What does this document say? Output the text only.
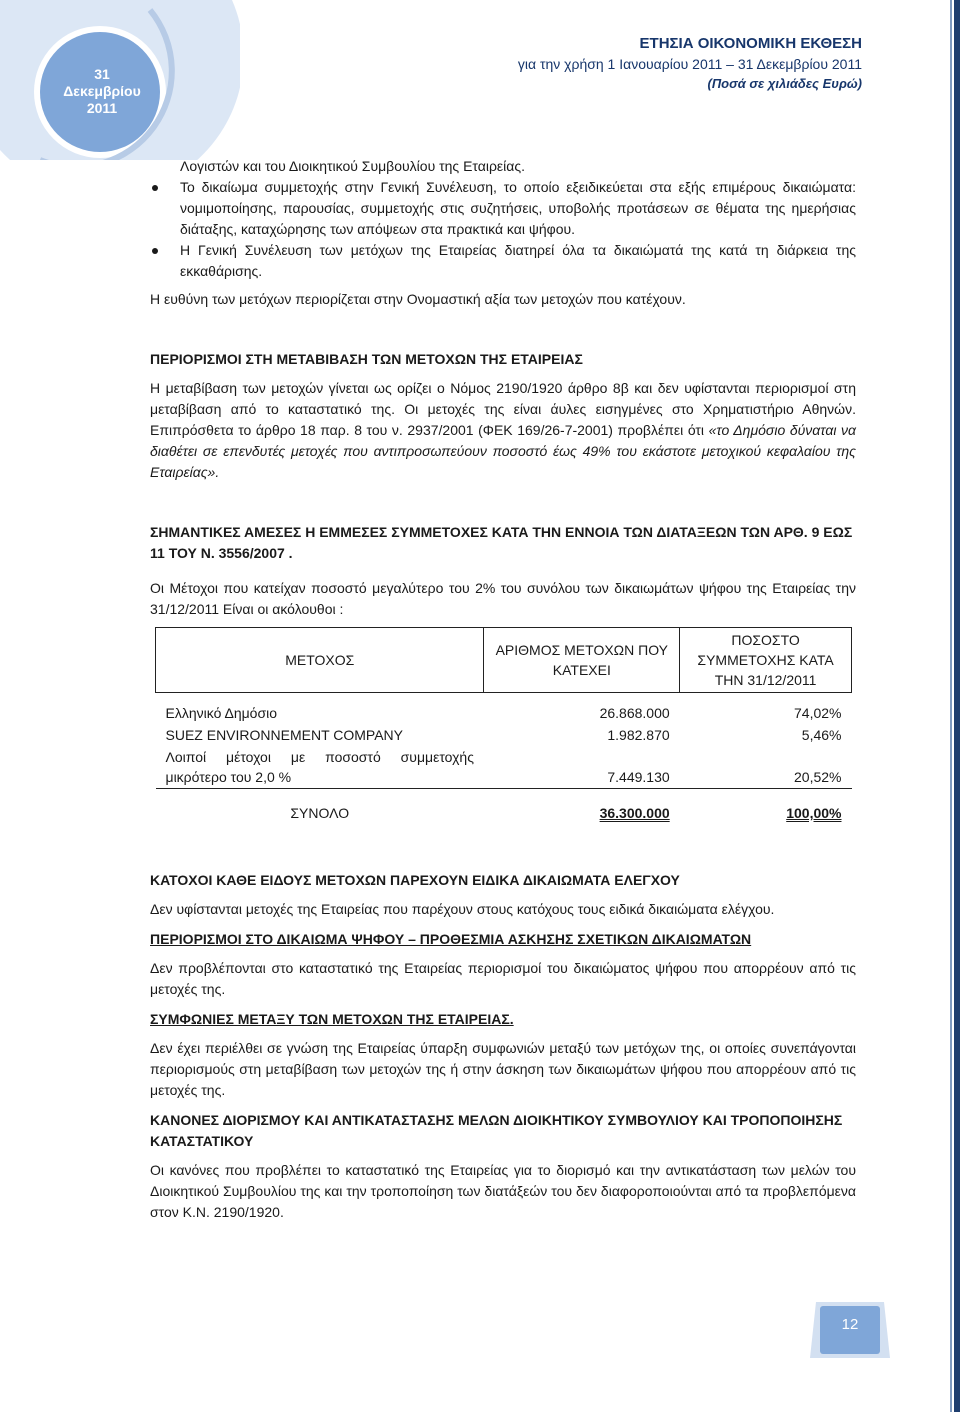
31
Δεκεμβρίου
2011
ΕΤΗΣΙΑ ΟΙΚΟΝΟΜΙΚΗ ΕΚΘΕΣΗ
για την χρήση 1 Ιανουαρίου 2011 – 31 Δεκεμβρίου 2011
(Ποσά σε χιλιάδες Ευρώ)

Λογιστών και του Διοικητικού Συμβουλίου της Εταιρείας.

Το δικαίωμα συμμετοχής στην Γενική Συνέλευση, το οποίο εξειδικεύεται στα εξής επιμέρους δικαιώματα: νομιμοποίησης, παρουσίας, συμμετοχής στις συζητήσεις, υποβολής προτάσεων σε θέματα της ημερήσιας διάταξης, καταχώρησης των απόψεων στα πρακτικά και ψήφου.
Η Γενική Συνέλευση των μετόχων της Εταιρείας διατηρεί όλα τα δικαιώματά της κατά τη διάρκεια της εκκαθάρισης.

Η ευθύνη των μετόχων περιορίζεται στην Ονομαστική αξία των μετοχών που κατέχουν.

ΠΕΡΙΟΡΙΣΜΟΙ ΣΤΗ ΜΕΤΑΒΙΒΑΣΗ ΤΩΝ ΜΕΤΟΧΩΝ ΤΗΣ ΕΤΑΙΡΕΙΑΣ

Η μεταβίβαση των μετοχών γίνεται ως ορίζει ο Νόμος 2190/1920 άρθρο 8β και δεν υφίστανται περιορισμοί στη μεταβίβαση από το καταστατικό της. Οι μετοχές της είναι άυλες εισηγμένες στο Χρηματιστήριο Αθηνών. Επιπρόσθετα το άρθρο 18 παρ. 8 του ν. 2937/2001 (ΦΕΚ 169/26-7-2001) προβλέπει ότι «το Δημόσιο δύναται να διαθέτει σε επενδυτές μετοχές που αντιπροσωπεύουν ποσοστό έως 49% του εκάστοτε μετοχικού κεφαλαίου της Εταιρείας».

ΣΗΜΑΝΤΙΚΕΣ ΑΜΕΣΕΣ Η ΕΜΜΕΣΕΣ ΣΥΜΜΕΤΟΧΕΣ ΚΑΤΑ ΤΗΝ ΕΝΝΟΙΑ ΤΩΝ ΔΙΑΤΑΞΕΩΝ ΤΩΝ ΑΡΘ. 9 ΕΩΣ 11 ΤΟΥ Ν. 3556/2007 .

Οι Μέτοχοι που κατείχαν ποσοστό μεγαλύτερο του 2% του συνόλου των δικαιωμάτων ψήφου της Εταιρείας την 31/12/2011 Είναι οι ακόλουθοι :

ΜΕΤΟΧΟΣ	ΑΡΙΘΜΟΣ ΜΕΤΟΧΩΝ ΠΟΥ ΚΑΤΕΧΕΙ	ΠΟΣΟΣΤΟ ΣΥΜΜΕΤΟΧΗΣ ΚΑΤΑ ΤΗΝ 31/12/2011
Ελληνικό Δημόσιο	26.868.000	74,02%
SUEZ ENVIRONNEMENT COMPANY	1.982.870	5,46%
Λοιποί μέτοχοι με ποσοστό συμμετοχής μικρότερο του 2,0 %	7.449.130	20,52%
ΣΥΝΟΛΟ	36.300.000	100,00%

ΚΑΤΟΧΟΙ ΚΑΘΕ ΕΙΔΟΥΣ ΜΕΤΟΧΩΝ ΠΑΡΕΧΟΥΝ ΕΙΔΙΚΑ ΔΙΚΑΙΩΜΑΤΑ ΕΛΕΓΧΟΥ

Δεν υφίστανται μετοχές της Εταιρείας που παρέχουν στους κατόχους τους ειδικά δικαιώματα ελέγχου.

ΠΕΡΙΟΡΙΣΜΟΙ ΣΤΟ ΔΙΚΑΙΩΜΑ ΨΗΦΟΥ – ΠΡΟΘΕΣΜΙΑ ΑΣΚΗΣΗΣ ΣΧΕΤΙΚΩΝ ΔΙΚΑΙΩΜΑΤΩΝ

Δεν προβλέπονται στο καταστατικό της Εταιρείας περιορισμοί του δικαιώματος ψήφου που απορρέουν από τις μετοχές της.

ΣΥΜΦΩΝΙΕΣ ΜΕΤΑΞΥ ΤΩΝ ΜΕΤΟΧΩΝ ΤΗΣ ΕΤΑΙΡΕΙΑΣ.

Δεν έχει περιέλθει σε γνώση της Εταιρείας ύπαρξη συμφωνιών μεταξύ των μετόχων της, οι οποίες συνεπάγονται περιορισμούς στη μεταβίβαση των μετοχών της ή στην άσκηση των δικαιωμάτων ψήφου που απορρέουν από τις μετοχές της.

ΚΑΝΟΝΕΣ ΔΙΟΡΙΣΜΟΥ ΚΑΙ ΑΝΤΙΚΑΤΑΣΤΑΣΗΣ ΜΕΛΩΝ ΔΙΟΙΚΗΤΙΚΟΥ ΣΥΜΒΟΥΛΙΟΥ ΚΑΙ ΤΡΟΠΟΠΟΙΗΣΗΣ ΚΑΤΑΣΤΑΤΙΚΟΥ

Οι κανόνες που προβλέπει το καταστατικό της Εταιρείας για το διορισμό και την αντικατάσταση των μελών του Διοικητικού Συμβουλίου της και την τροποποίηση των διατάξεών του δεν διαφοροποιούνται από τα προβλεπόμενα στον Κ.Ν. 2190/1920.

12
